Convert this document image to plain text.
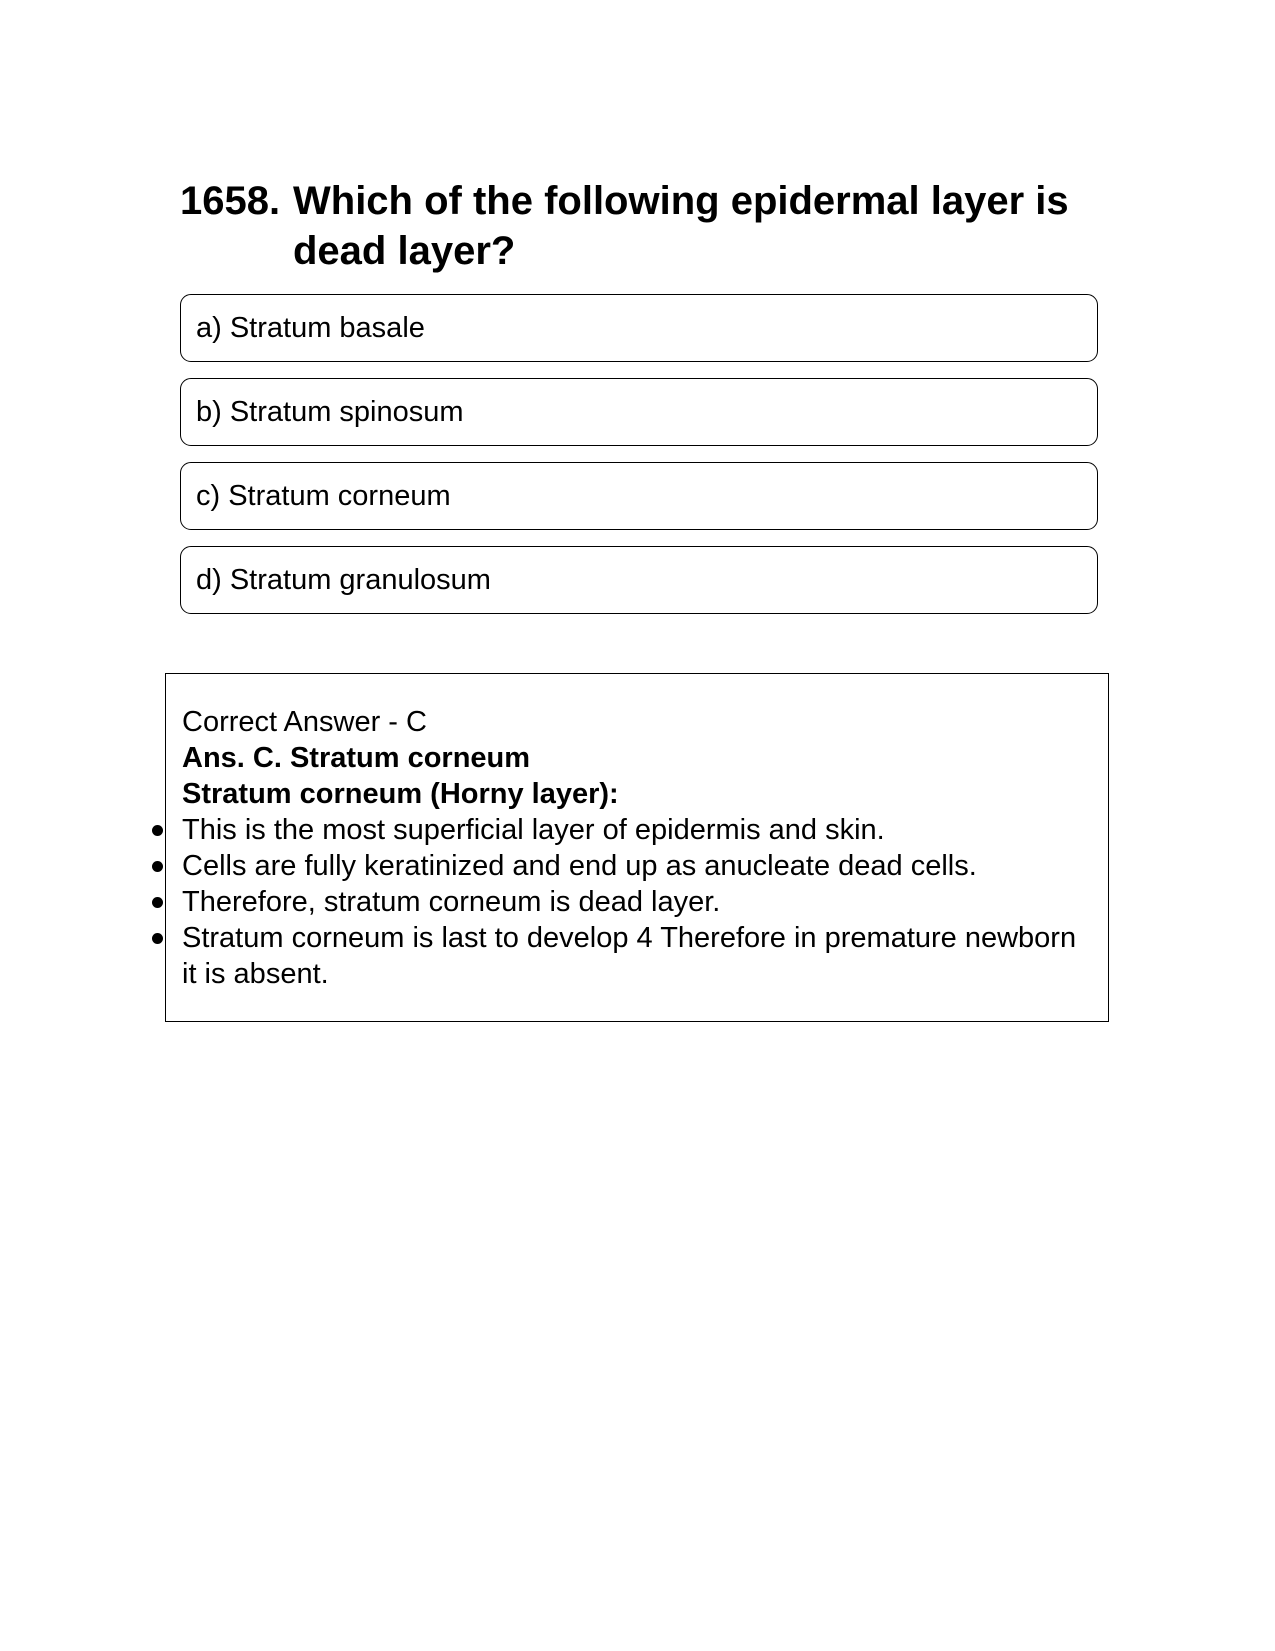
1658. Which of the following epidermal layer is dead layer?
a) Stratum basale
b) Stratum spinosum
c) Stratum corneum
d) Stratum granulosum
Correct Answer - C
Ans. C. Stratum corneum
Stratum corneum (Horny layer):
This is the most superficial layer of epidermis and skin.
Cells are fully keratinized and end up as anucleate dead cells.
Therefore, stratum corneum is dead layer.
Stratum corneum is last to develop 4 Therefore in premature newborn it is absent.
